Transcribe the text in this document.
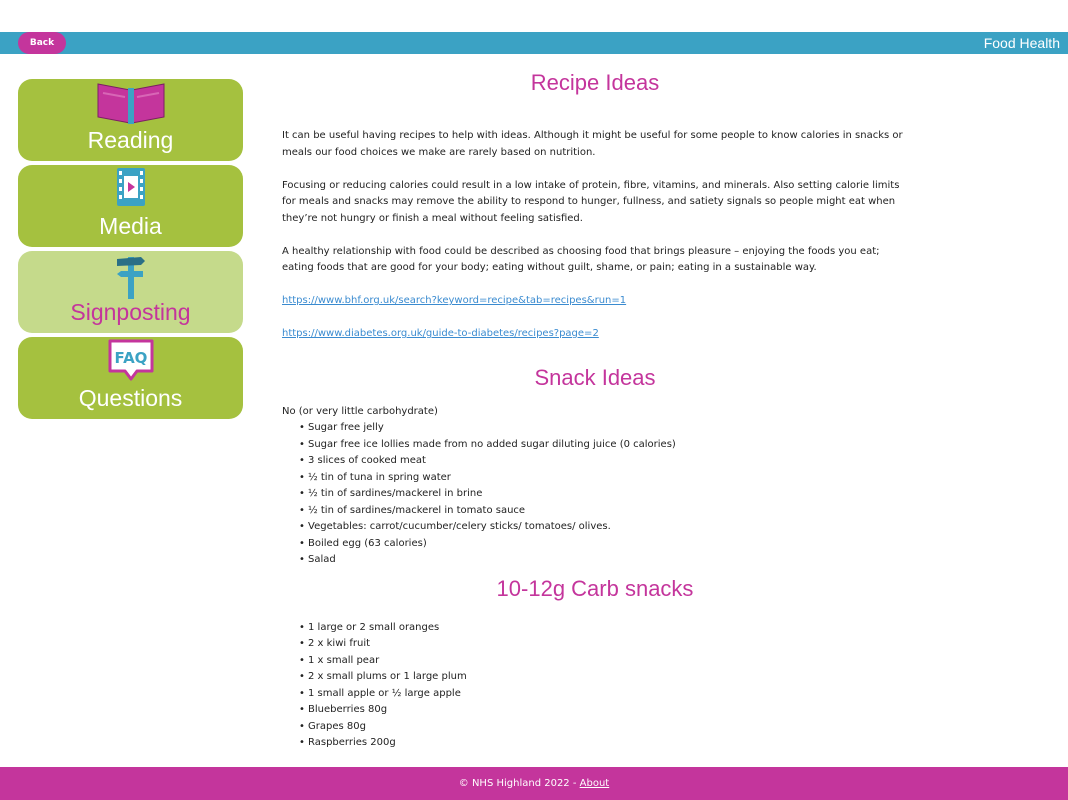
Back	Food Health
Reading
Media
Signposting
FAQ
Questions
Recipe Ideas

It can be useful having recipes to help with ideas. Although it might be useful for some people to know calories in snacks or meals our food choices we make are rarely based on nutrition.

Focusing or reducing calories could result in a low intake of protein, fibre, vitamins, and minerals. Also setting calorie limits for meals and snacks may remove the ability to respond to hunger, fullness, and satiety signals so people might eat when they’re not hungry or finish a meal without feeling satisfied.

A healthy relationship with food could be described as choosing food that brings pleasure – enjoying the foods you eat; eating foods that are good for your body; eating without guilt, shame, or pain; eating in a sustainable way.

https://www.bhf.org.uk/search?keyword=recipe&tab=recipes&run=1

https://www.diabetes.org.uk/guide-to-diabetes/recipes?page=2

Snack Ideas
No (or very little carbohydrate)
• Sugar free jelly
• Sugar free ice lollies made from no added sugar diluting juice (0 calories)
• 3 slices of cooked meat
• ½ tin of tuna in spring water
• ½ tin of sardines/mackerel in brine
• ½ tin of sardines/mackerel in tomato sauce
• Vegetables: carrot/cucumber/celery sticks/ tomatoes/ olives.
• Boiled egg (63 calories)
• Salad
10-12g Carb snacks
• 1 large or 2 small oranges
• 2 x kiwi fruit
• 1 x small pear
• 2 x small plums or 1 large plum
• 1 small apple or ½ large apple
• Blueberries 80g
• Grapes 80g
• Raspberries 200g
© NHS Highland 2022 - About
